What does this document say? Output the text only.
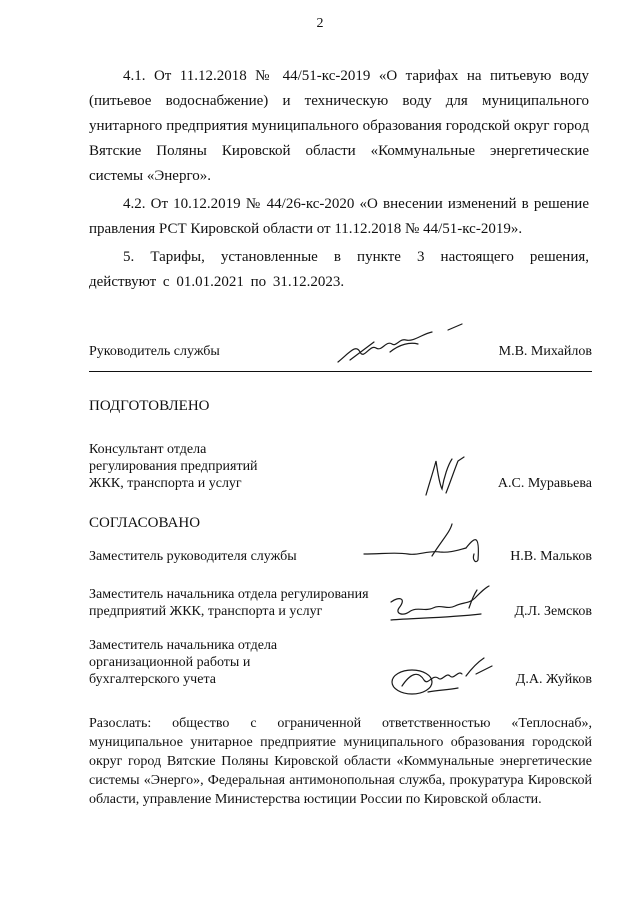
2

4.1. От 11.12.2018 № 44/51-кс-2019 «О тарифах на питьевую воду (питьевое водоснабжение) и техническую воду для муниципального унитарного предприятия муниципального образования городской округ город Вятские Поляны Кировской области «Коммунальные энергетические системы «Энерго».

4.2. От 10.12.2019 № 44/26-кс-2020 «О внесении изменений в решение правления РСТ Кировской области от 11.12.2018 № 44/51-кс-2019».

5. Тарифы, установленные в пункте 3 настоящего решения, действуют с 01.01.2021 по 31.12.2023.

Руководитель службы	М.В. Михайлов
ПОДГОТОВЛЕНО
Консультант отдела
регулирования предприятий
ЖКК, транспорта и услуг	А.С. Муравьева
СОГЛАСОВАНО
Заместитель руководителя службы	Н.В. Мальков
Заместитель начальника отдела регулирования
предприятий ЖКК, транспорта и услуг	Д.Л. Земсков
Заместитель начальника отдела
организационной работы и
бухгалтерского учета	Д.А. Жуйков

Разослать: общество с ограниченной ответственностью «Теплоснаб», муниципальное унитарное предприятие муниципального образования городской округ город Вятские Поляны Кировской области «Коммунальные энергетические системы «Энерго», Федеральная антимонопольная служба, прокуратура Кировской области, управление Министерства юстиции России по Кировской области.
